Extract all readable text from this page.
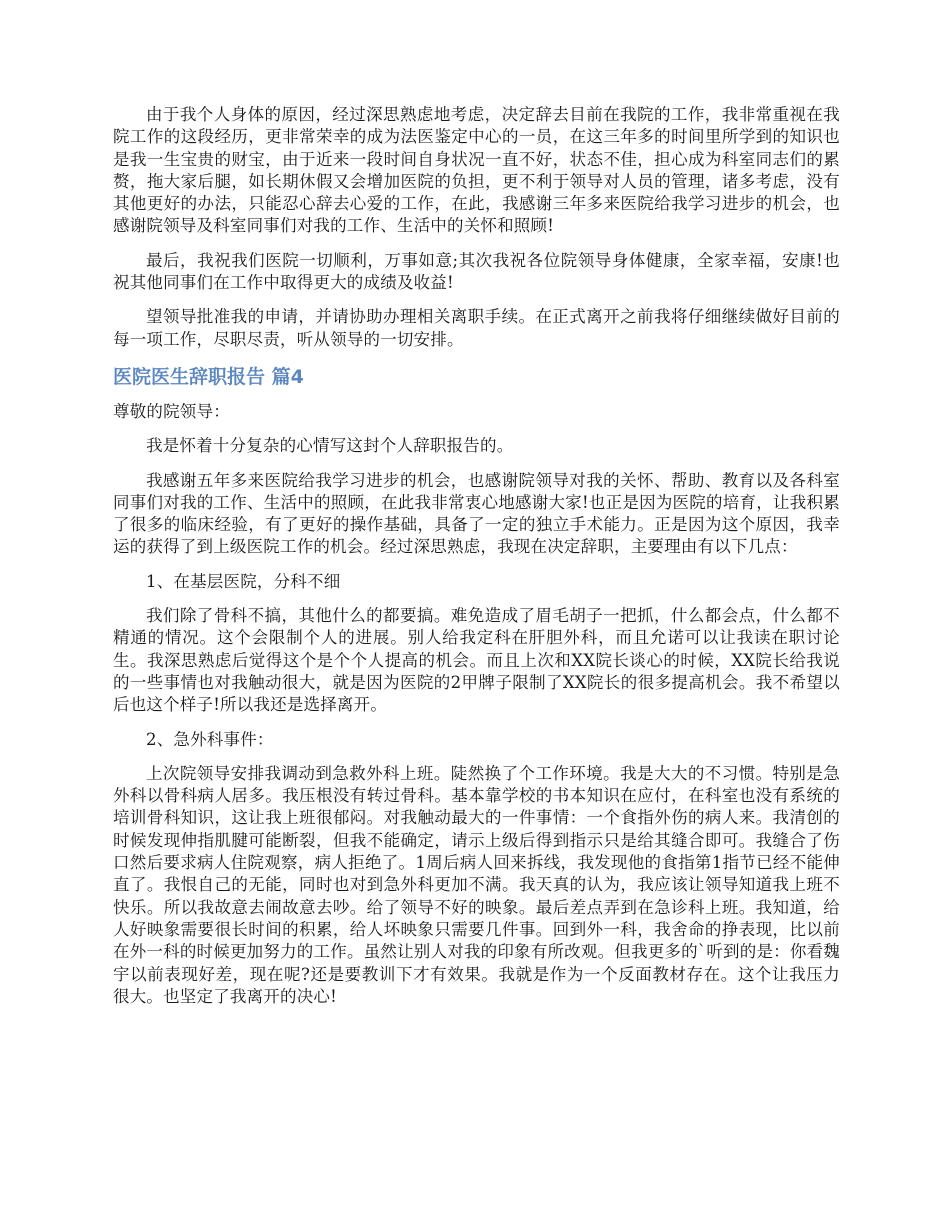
由于我个人身体的原因，经过深思熟虑地考虑，决定辞去目前在我院的工作，我非常重视在我院工作的这段经历，更非常荣幸的成为法医鉴定中心的一员，在这三年多的时间里所学到的知识也是我一生宝贵的财宝，由于近来一段时间自身状况一直不好，状态不佳，担心成为科室同志们的累赘，拖大家后腿，如长期休假又会增加医院的负担，更不利于领导对人员的管理，诸多考虑，没有其他更好的办法，只能忍心辞去心爱的工作，在此，我感谢三年多来医院给我学习进步的机会，也感谢院领导及科室同事们对我的工作、生活中的关怀和照顾!

最后，我祝我们医院一切顺利，万事如意;其次我祝各位院领导身体健康，全家幸福，安康!也祝其他同事们在工作中取得更大的成绩及收益!

望领导批准我的申请，并请协助办理相关离职手续。在正式离开之前我将仔细继续做好目前的每一项工作，尽职尽责，听从领导的一切安排。

医院医生辞职报告 篇4

尊敬的院领导：

我是怀着十分复杂的心情写这封个人辞职报告的。

我感谢五年多来医院给我学习进步的机会，也感谢院领导对我的关怀、帮助、教育以及各科室同事们对我的工作、生活中的照顾，在此我非常衷心地感谢大家!也正是因为医院的培育，让我积累了很多的临床经验，有了更好的操作基础，具备了一定的独立手术能力。正是因为这个原因，我幸运的获得了到上级医院工作的机会。经过深思熟虑，我现在决定辞职，主要理由有以下几点：

1、在基层医院，分科不细

我们除了骨科不搞，其他什么的都要搞。难免造成了眉毛胡子一把抓，什么都会点，什么都不精通的情况。这个会限制个人的进展。别人给我定科在肝胆外科，而且允诺可以让我读在职讨论生。我深思熟虑后觉得这个是个个人提高的机会。而且上次和XX院长谈心的时候，XX院长给我说的一些事情也对我触动很大，就是因为医院的2甲牌子限制了XX院长的很多提高机会。我不希望以后也这个样子!所以我还是选择离开。

2、急外科事件：

上次院领导安排我调动到急救外科上班。陡然换了个工作环境。我是大大的不习惯。特别是急外科以骨科病人居多。我压根没有转过骨科。基本靠学校的书本知识在应付，在科室也没有系统的培训骨科知识，这让我上班很郁闷。对我触动最大的一件事情：一个食指外伤的病人来。我清创的时候发现伸指肌腱可能断裂，但我不能确定，请示上级后得到指示只是给其缝合即可。我缝合了伤口然后要求病人住院观察，病人拒绝了。1周后病人回来拆线，我发现他的食指第1指节已经不能伸直了。我恨自己的无能，同时也对到急外科更加不满。我天真的认为，我应该让领导知道我上班不快乐。所以我故意去闹故意去吵。给了领导不好的映象。最后差点弄到在急诊科上班。我知道，给人好映象需要很长时间的积累，给人坏映象只需要几件事。回到外一科，我舍命的挣表现，比以前在外一科的时候更加努力的工作。虽然让别人对我的印象有所改观。但我更多的`听到的是：你看魏宇以前表现好差，现在呢?还是要教训下才有效果。我就是作为一个反面教材存在。这个让我压力很大。也坚定了我离开的决心!
